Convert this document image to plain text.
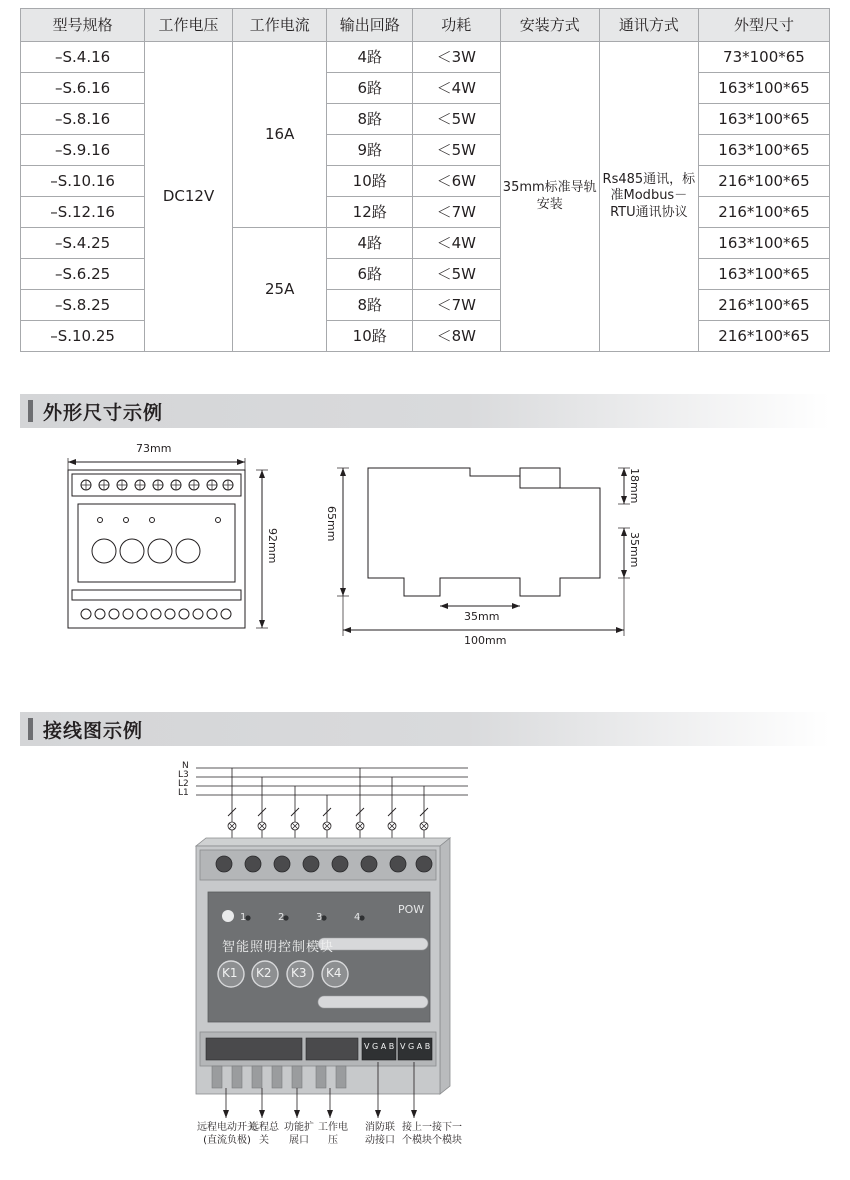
型号规格	工作电压	工作电流	输出回路	功耗	安装方式	通讯方式	外型尺寸
–S.4.16	DC12V	16A	4路	＜3W	35mm标准导轨安装	Rs485通讯，标准Modbus－RTU通讯协议	73*100*65
–S.6.16			6路	＜4W			163*100*65
–S.8.16			8路	＜5W			163*100*65
–S.9.16			9路	＜5W			163*100*65
–S.10.16			10路	＜6W			216*100*65
–S.12.16			12路	＜7W			216*100*65
–S.4.25		25A	4路	＜4W			163*100*65
–S.6.25			6路	＜5W			163*100*65
–S.8.25			8路	＜7W			216*100*65
–S.10.25			10路	＜8W			216*100*65
外形尺寸示例
73mm
92mm
65mm
18mm
35mm
35mm
100mm
接线图示例
N
L3
L2
L1
POW
1	2	3	4
智能照明控制模块
K1 K2 K3 K4
V G A B V G A B
远程电动开关(直流负极)
远程总关
功能扩展口
工作电压
消防联动接口
接上一个模块
接下一个模块
